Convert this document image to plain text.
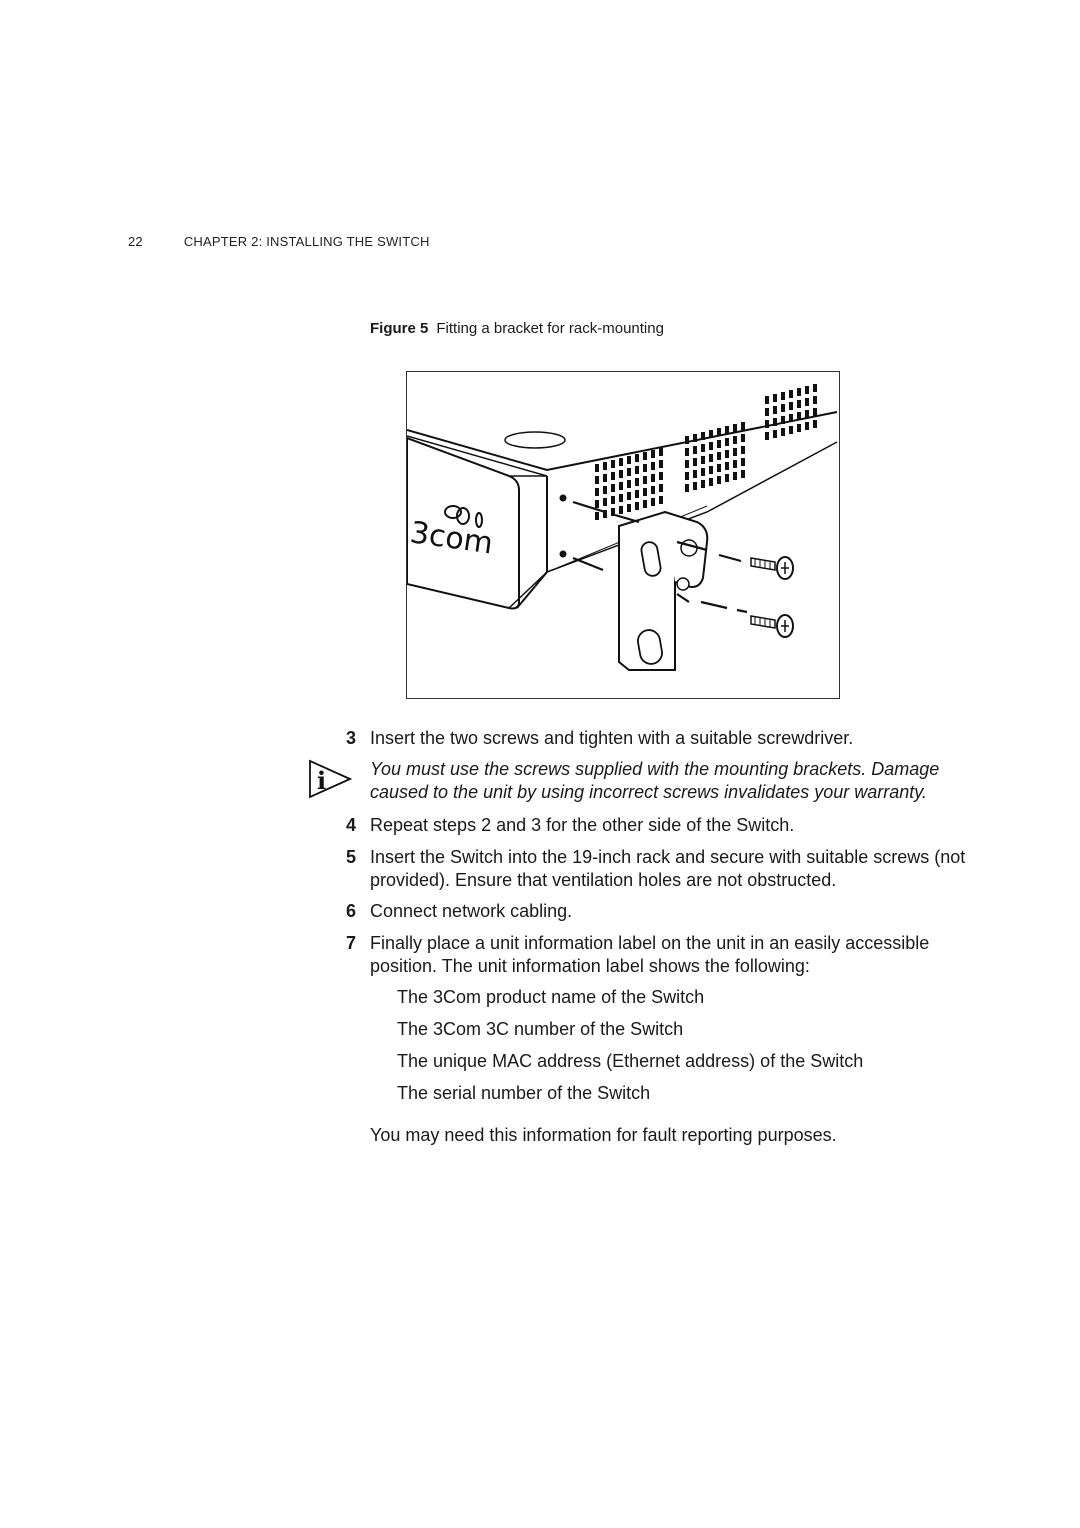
22	CHAPTER 2: INSTALLING THE SWITCH
Figure 5 Fitting a bracket for rack-mounting
3com
3 Insert the two screws and tighten with a suitable screwdriver.
i You must use the screws supplied with the mounting brackets. Damage caused to the unit by using incorrect screws invalidates your warranty.
4 Repeat steps 2 and 3 for the other side of the Switch.
5 Insert the Switch into the 19-inch rack and secure with suitable screws (not provided). Ensure that ventilation holes are not obstructed.
6 Connect network cabling.
7 Finally place a unit information label on the unit in an easily accessible position. The unit information label shows the following:
The 3Com product name of the Switch
The 3Com 3C number of the Switch
The unique MAC address (Ethernet address) of the Switch
The serial number of the Switch
You may need this information for fault reporting purposes.
